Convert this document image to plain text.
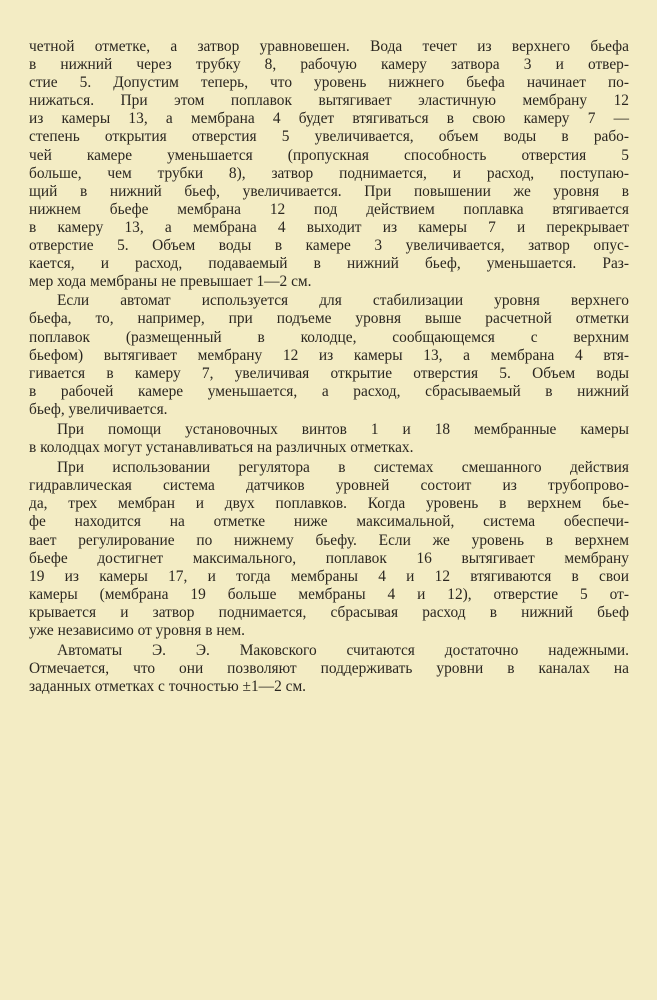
четной отметке, а затвор уравновешен. Вода течет из верхнего бьефа
в нижний через трубку 8, рабочую камеру затвора 3 и отвер-
стие 5. Допустим теперь, что уровень нижнего бьефа начинает по-
нижаться. При этом поплавок вытягивает эластичную мембрану 12
из камеры 13, а мембрана 4 будет втягиваться в свою камеру 7 —
степень открытия отверстия 5 увеличивается, объем воды в рабо-
чей камере уменьшается (пропускная способность отверстия 5
больше, чем трубки 8), затвор поднимается, и расход, поступаю-
щий в нижний бьеф, увеличивается. При повышении же уровня в
нижнем бьефе мембрана 12 под действием поплавка втягивается
в камеру 13, а мембрана 4 выходит из камеры 7 и перекрывает
отверстие 5. Объем воды в камере 3 увеличивается, затвор опус-
кается, и расход, подаваемый в нижний бьеф, уменьшается. Раз-
мер хода мембраны не превышает 1—2 см.
Если автомат используется для стабилизации уровня верхнего
бьефа, то, например, при подъеме уровня выше расчетной отметки
поплавок (размещенный в колодце, сообщающемся с верхним
бьефом) вытягивает мембрану 12 из камеры 13, а мембрана 4 втя-
гивается в камеру 7, увеличивая открытие отверстия 5. Объем воды
в рабочей камере уменьшается, а расход, сбрасываемый в нижний
бьеф, увеличивается.
При помощи установочных винтов 1 и 18 мембранные камеры
в колодцах могут устанавливаться на различных отметках.
При использовании регулятора в системах смешанного действия
гидравлическая система датчиков уровней состоит из трубопрово-
да, трех мембран и двух поплавков. Когда уровень в верхнем бье-
фе находится на отметке ниже максимальной, система обеспечи-
вает регулирование по нижнему бьефу. Если же уровень в верхнем
бьефе достигнет максимального, поплавок 16 вытягивает мембрану
19 из камеры 17, и тогда мембраны 4 и 12 втягиваются в свои
камеры (мембрана 19 больше мембраны 4 и 12), отверстие 5 от-
крывается и затвор поднимается, сбрасывая расход в нижний бьеф
уже независимо от уровня в нем.
Автоматы Э. Э. Маковского считаются достаточно надежными.
Отмечается, что они позволяют поддерживать уровни в каналах на
заданных отметках с точностью ±1—2 см.
